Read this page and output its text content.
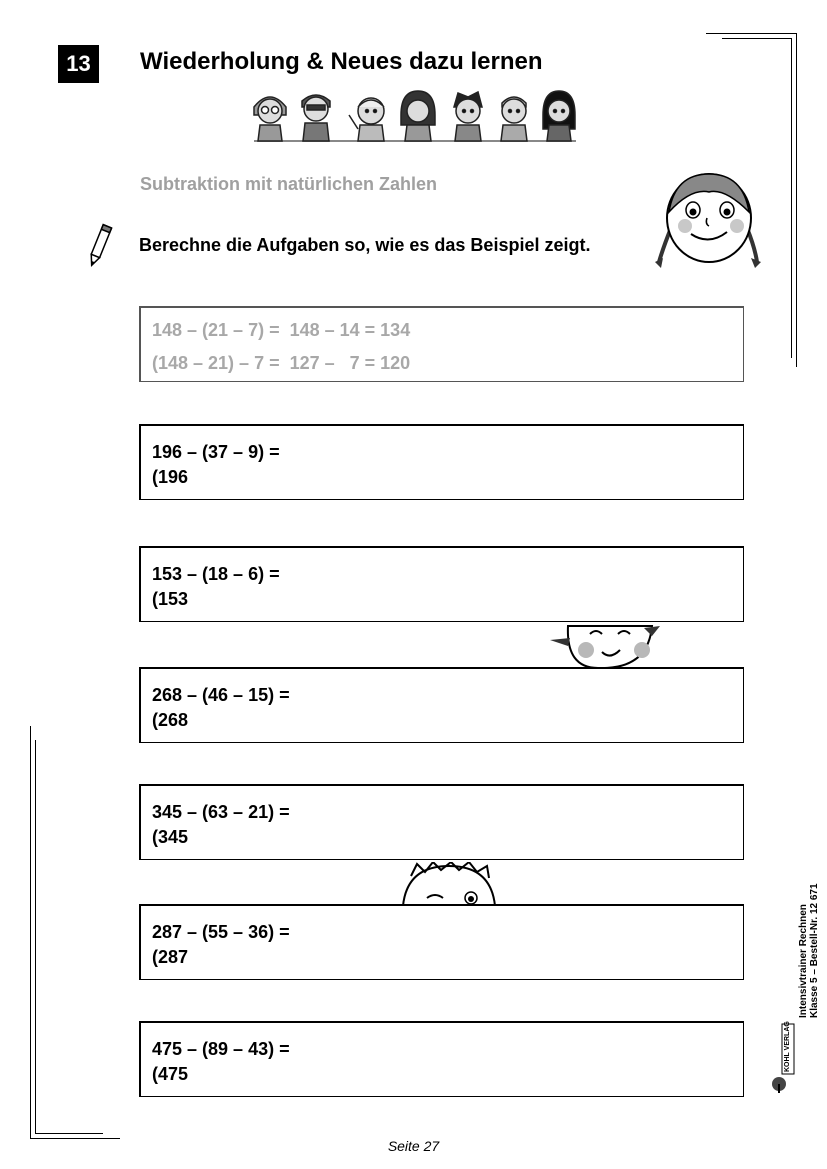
13	Wiederholung & Neues dazu lernen
Subtraktion mit natürlichen Zahlen
Berechne die Aufgaben so, wie es das Beispiel zeigt.
148 – (21 – 7) =  148 – 14 = 134
(148 – 21) – 7 =  127 –   7 = 120
196 – (37 – 9) =
(196
153 – (18 – 6) =
(153
268 – (46 – 15) =
(268
345 – (63 – 21) =
(345
287 – (55 – 36) =
(287
475 – (89 – 43) =
(475
Intensivtrainer Rechnen Klasse 5 – Bestell-Nr. 12 671
KOHL VERLAG
Seite 27
